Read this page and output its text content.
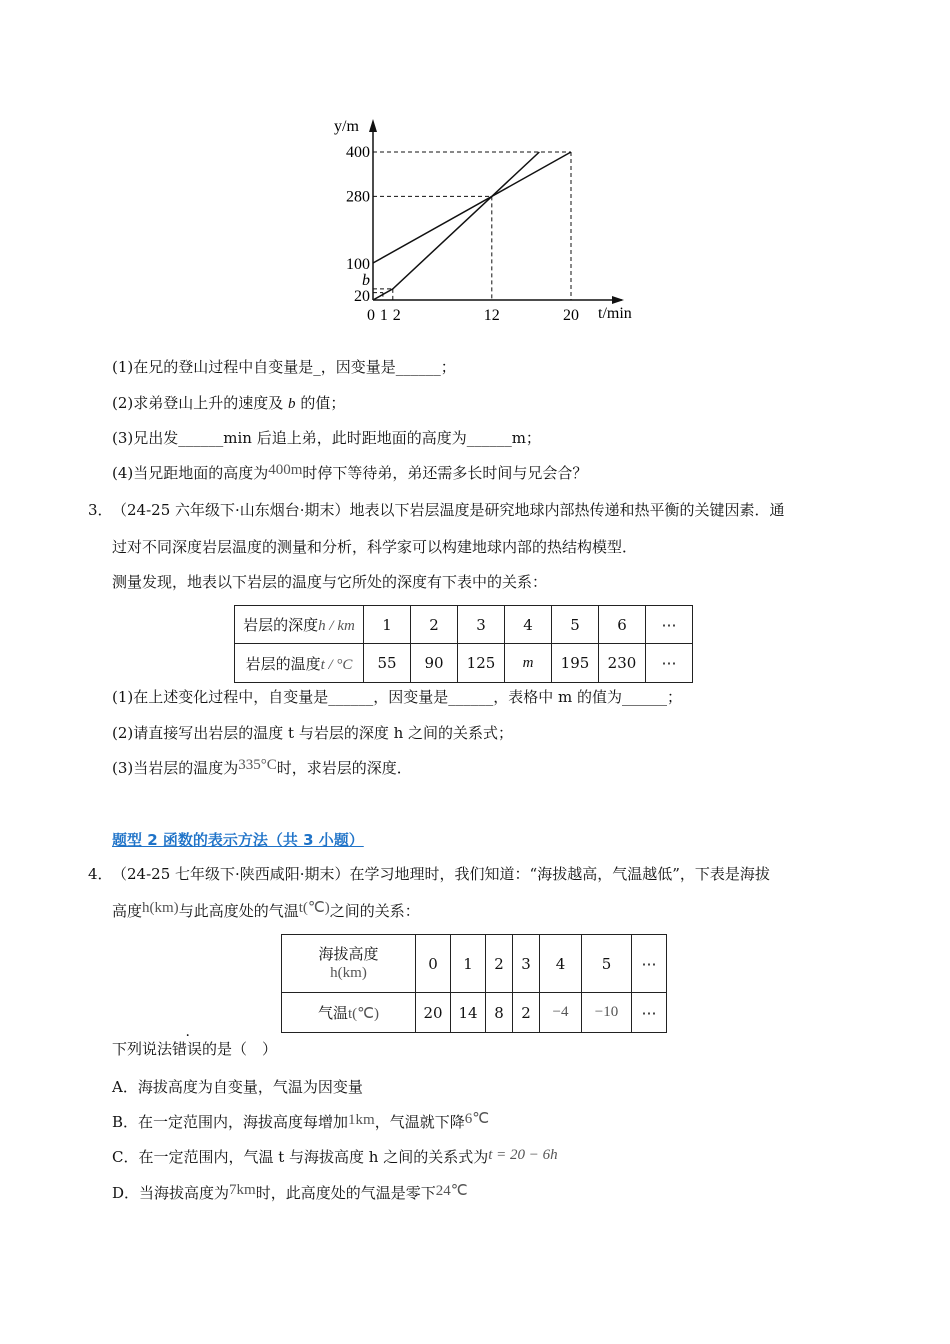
t/min
y/m
0 1 2	12	20
20
b
100
280
400
(1)在兄的登山过程中自变量是_，因变量是______；
(2)求弟登山上升的速度及 b 的值；
(3)兄出发______min 后追上弟，此时距地面的高度为______m；
(4)当兄距地面的高度为400m时停下等待弟，弟还需多长时间与兄会合？
3． （24-25 六年级下·山东烟台·期末）地表以下岩层温度是研究地球内部热传递和热平衡的关键因素．通
过对不同深度岩层温度的测量和分析，科学家可以构建地球内部的热结构模型．
测量发现，地表以下岩层的温度与它所处的深度有下表中的关系：
岩层的深度h / km	1	2	3	4	5	6	⋯
岩层的温度t / °C	55	90	125	m	195	230	⋯
(1)在上述变化过程中，自变量是______，因变量是______，表格中 m 的值为______；
(2)请直接写出岩层的温度 t 与岩层的深度 h 之间的关系式；
(3)当岩层的温度为335°C时，求岩层的深度．
题型 2 函数的表示方法（共 3 小题）
4． （24-25 七年级下·陕西咸阳·期末）在学习地理时，我们知道：“海拔越高，气温越低”，下表是海拔
高度h(km)与此高度处的气温t(℃)之间的关系：
海拔高度
h(km)	0	1	2	3	4	5	⋯
气温t(℃)	20	14	8	2	−4	−10	⋯
下列说法错误的是（　）
A．海拔高度为自变量，气温为因变量
B．在一定范围内，海拔高度每增加1km，气温就下降6℃
C．在一定范围内，气温 t 与海拔高度 h 之间的关系式为t = 20 − 6h
D．当海拔高度为7km时，此高度处的气温是零下24℃
